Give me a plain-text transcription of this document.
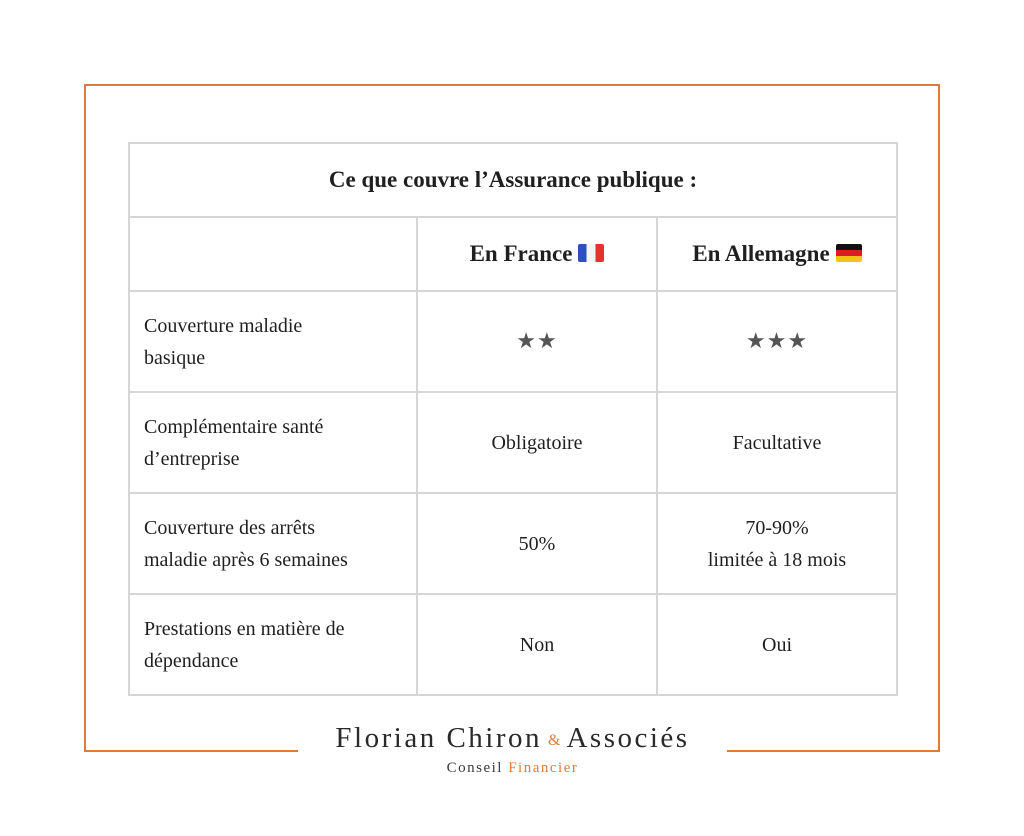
Ce que couvre l’Assurance publique :		
	En France	En Allemagne
Couverture maladie
basique	★★	★★★
Complémentaire santé
d’entreprise	Obligatoire	Facultative
Couverture des arrêts
maladie après 6 semaines	50%	70-90%
limitée à 18 mois
Prestations en matière de
dépendance	Non	Oui
Florian Chiron & Associés
Conseil Financier
